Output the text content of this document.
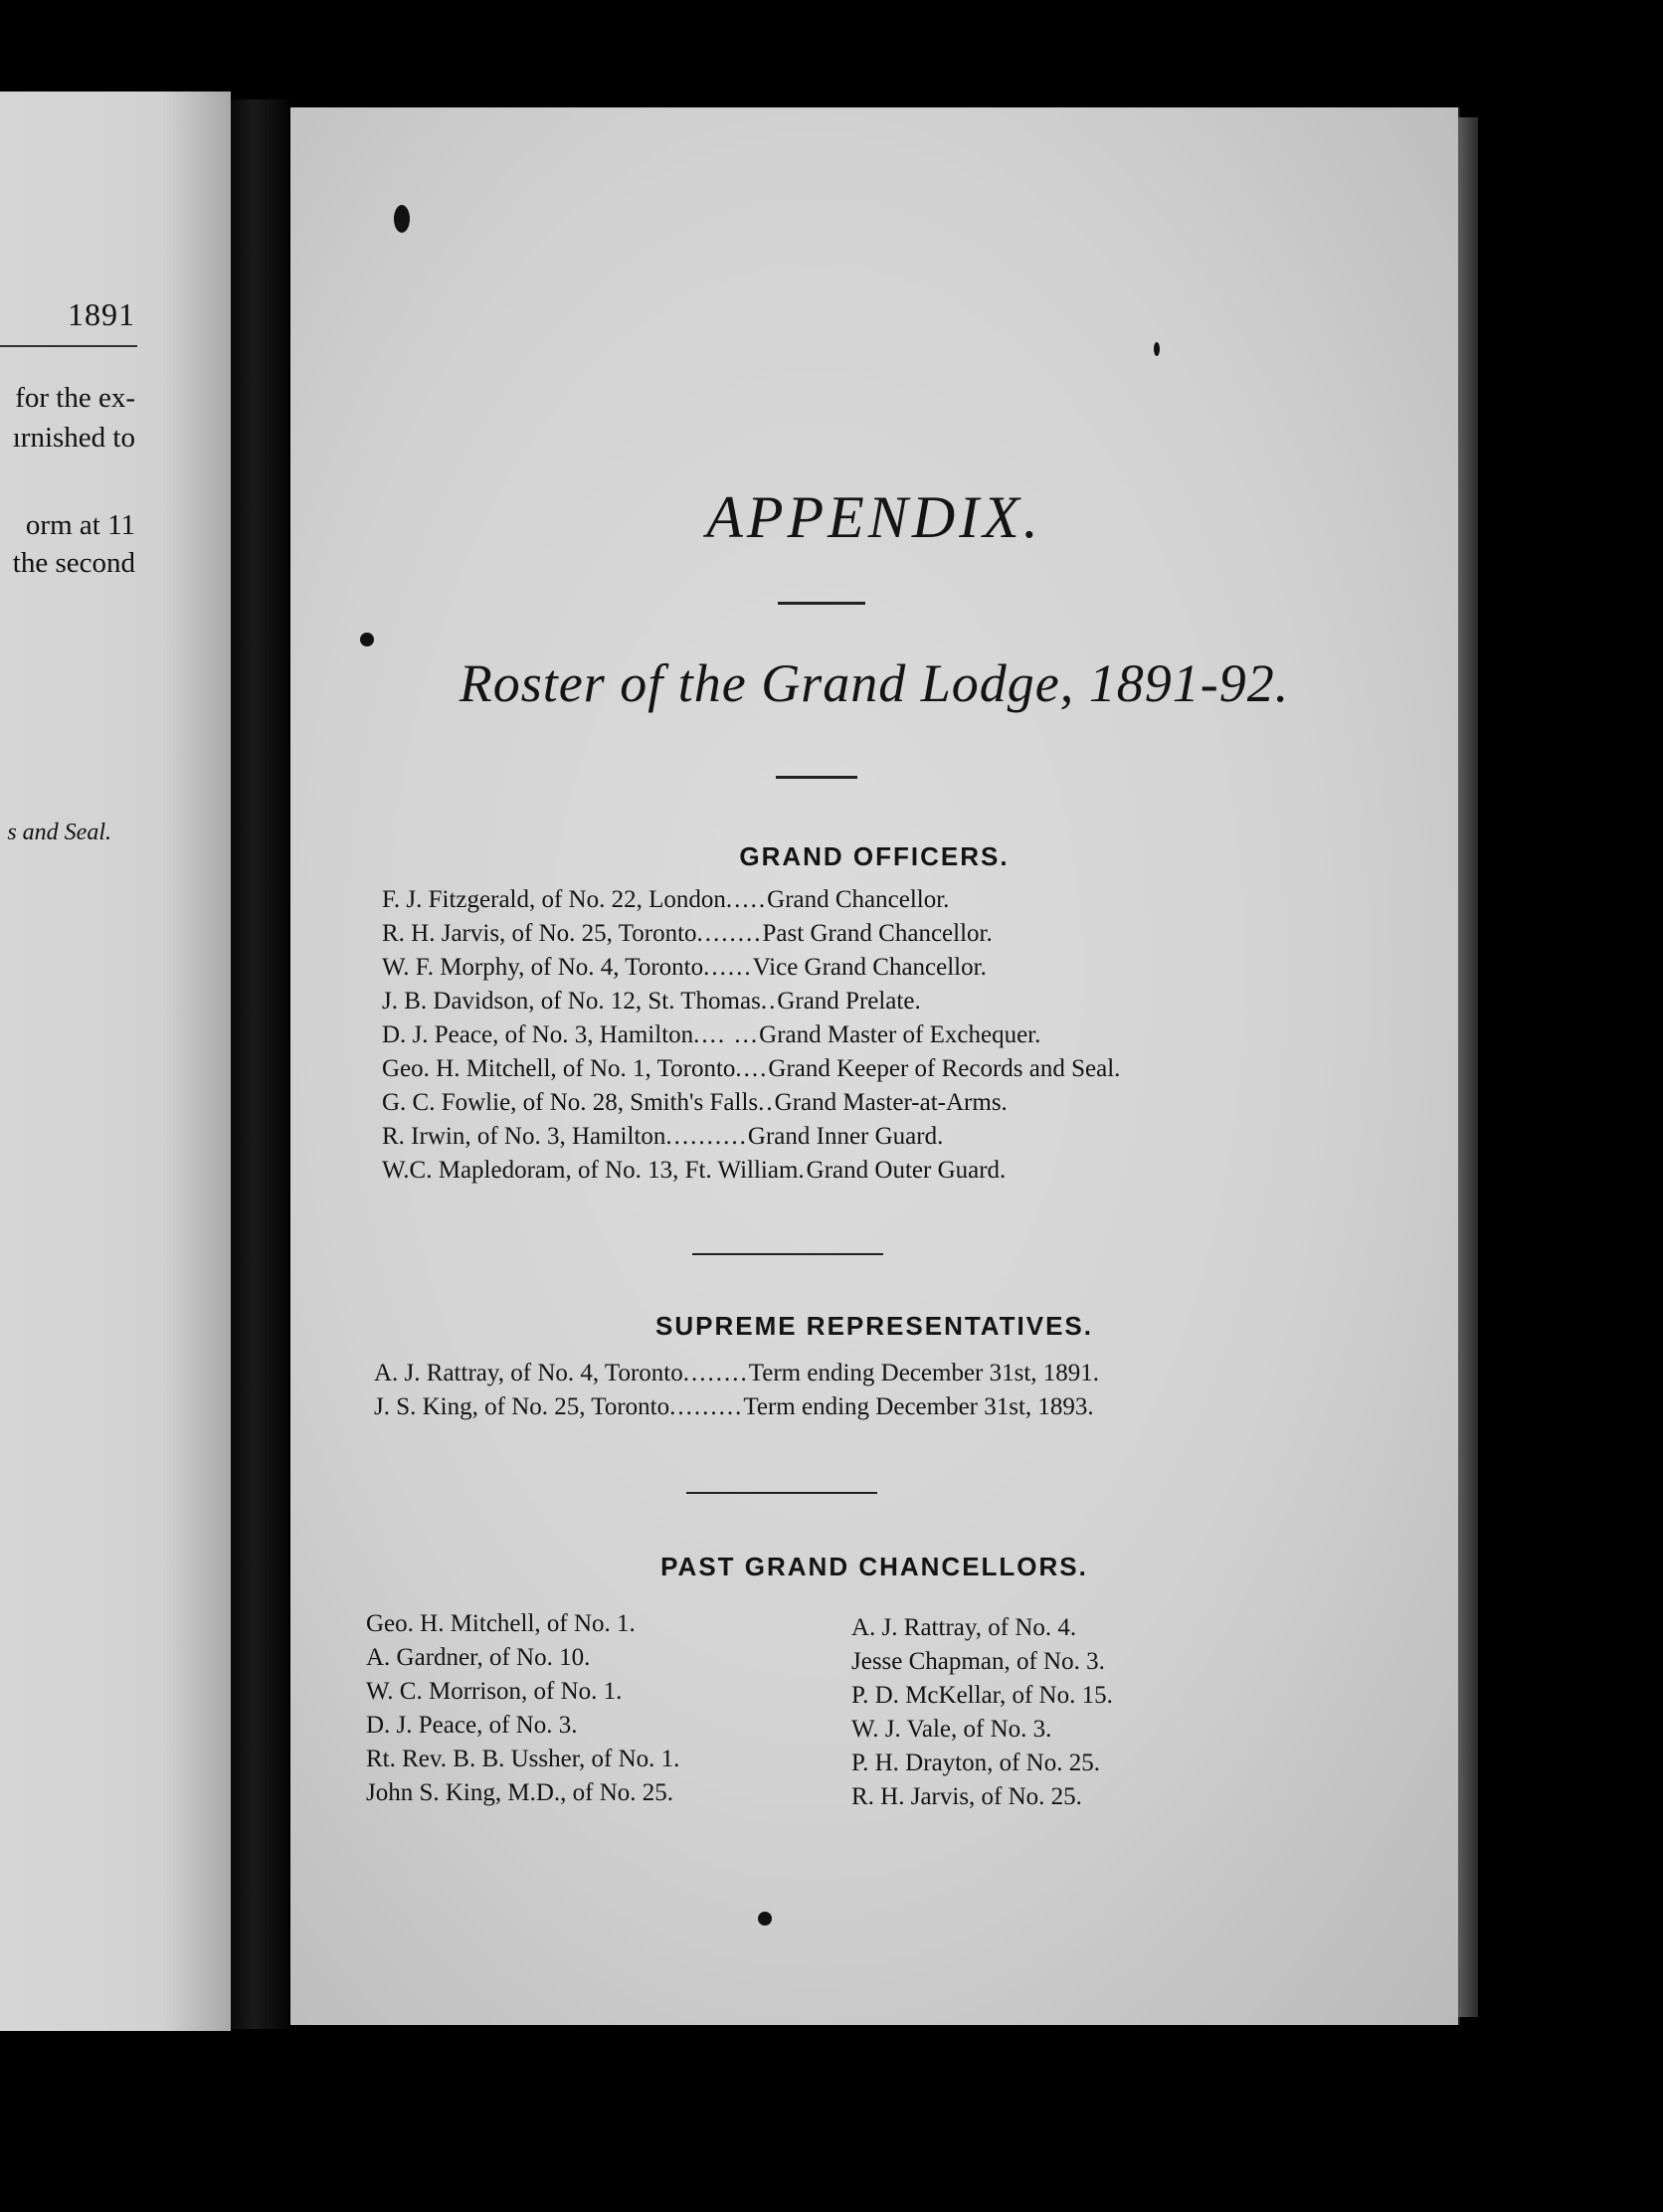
1891
for the ex-
ırnished to
orm at 11
the second
s and Seal.
APPENDIX.
Roster of the Grand Lodge, 1891-92.
GRAND OFFICERS.
F. J. Fitzgerald, of No. 22, London ..... Grand Chancellor.
R. H. Jarvis, of No. 25, Toronto ........ Past Grand Chancellor.
W. F. Morphy, of No. 4, Toronto ...... Vice Grand Chancellor.
J. B. Davidson, of No. 12, St. Thomas .. Grand Prelate.
D. J. Peace, of No. 3, Hamilton .... ... Grand Master of Exchequer.
Geo. H. Mitchell, of No. 1, Toronto .... Grand Keeper of Records and Seal.
G. C. Fowlie, of No. 28, Smith's Falls .. Grand Master-at-Arms.
R. Irwin, of No. 3, Hamilton .......... Grand Inner Guard.
W.C. Mapledoram, of No. 13, Ft. William . Grand Outer Guard.
SUPREME REPRESENTATIVES.
A. J. Rattray, of No. 4, Toronto ........ Term ending December 31st, 1891.
J. S. King, of No. 25, Toronto ......... Term ending December 31st, 1893.
PAST GRAND CHANCELLORS.
Geo. H. Mitchell, of No. 1.
A. Gardner, of No. 10.
W. C. Morrison, of No. 1.
D. J. Peace, of No. 3.
Rt. Rev. B. B. Ussher, of No. 1.
John S. King, M.D., of No. 25.
A. J. Rattray, of No. 4.
Jesse Chapman, of No. 3.
P. D. McKellar, of No. 15.
W. J. Vale, of No. 3.
P. H. Drayton, of No. 25.
R. H. Jarvis, of No. 25.
